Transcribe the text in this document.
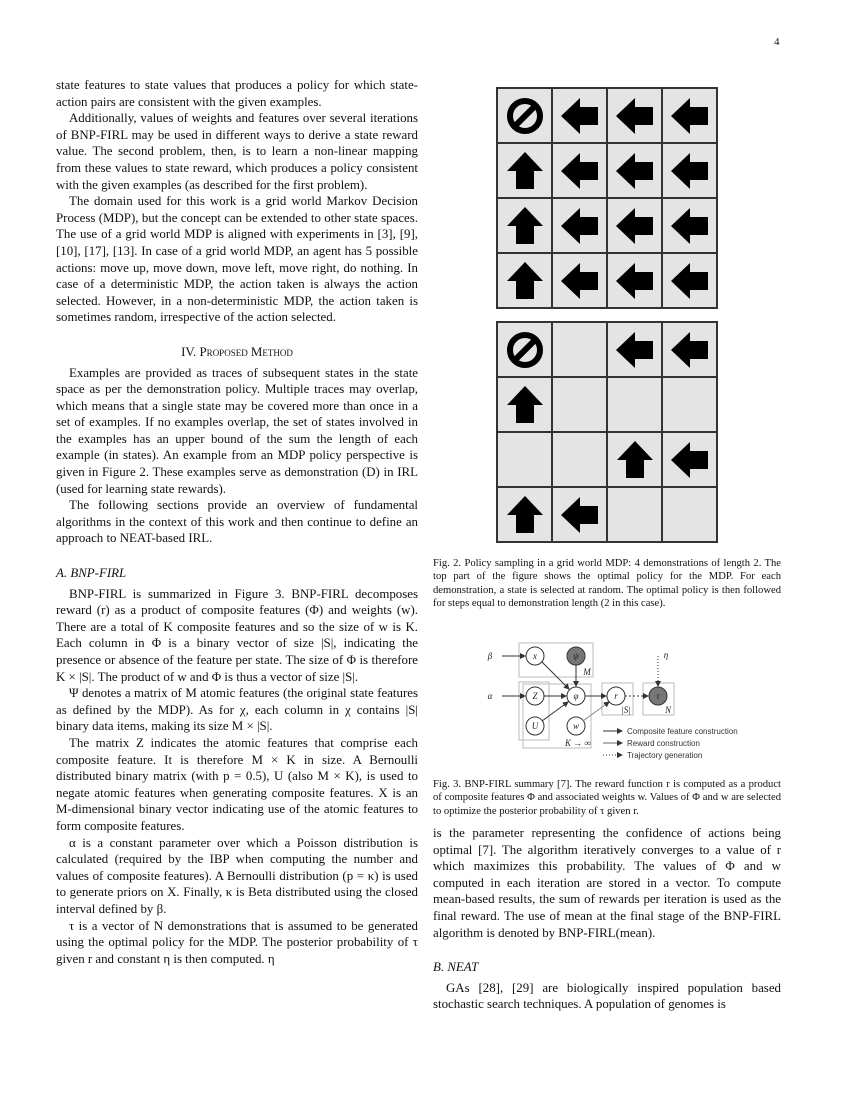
4

state features to state values that produces a policy for which state-action pairs are consistent with the given examples.

Additionally, values of weights and features over several iterations of BNP-FIRL may be used in different ways to derive a state reward value. The second problem, then, is to learn a non-linear mapping from these values to state reward, which produces a policy consistent with the given examples (as described for the first problem).

The domain used for this work is a grid world Markov Decision Process (MDP), but the concept can be extended to other state spaces. The use of a grid world MDP is aligned with experiments in [3], [9], [10], [17], [13]. In case of a grid world MDP, an agent has 5 possible actions: move up, move down, move left, move right, do nothing. In case of a deterministic MDP, the action taken is always the action selected. However, in a non-deterministic MDP, the action taken is sometimes random, irrespective of the action selected.

IV. Proposed Method

Examples are provided as traces of subsequent states in the state space as per the demonstration policy. Multiple traces may overlap, which means that a single state may be covered more than once in a set of examples. If no examples overlap, the set of states involved in the examples has an upper bound of the sum the length of each example (in states). An example from an MDP policy perspective is given in Figure 2. These examples serve as demonstration (D) in IRL (used for learning state rewards).

The following sections provide an overview of fundamental algorithms in the context of this work and then continue to define an approach to NEAT-based IRL.

A. BNP-FIRL

BNP-FIRL is summarized in Figure 3. BNP-FIRL decomposes reward (r) as a product of composite features (Φ) and weights (w). There are a total of K composite features and so the size of w is K. Each column in Φ is a binary vector of size |S|, indicating the presence or absence of the feature per state. The size of Φ is therefore K × |S|. The product of w and Φ is thus a vector of size |S|.

Ψ denotes a matrix of M atomic features (the original state features as defined by the MDP). As for χ, each column in χ contains |S| binary data items, making its size M × |S|.

The matrix Z indicates the atomic features that comprise each composite feature. It is therefore M × K in size. A Bernoulli distributed binary matrix (with p = 0.5), U (also M × K), is used to negate atomic features when generating composite features. X is an M-dimensional binary vector indicating use of the atomic features to form composite features.

α is a constant parameter over which a Poisson distribution is calculated (required by the IBP when computing the number and values of composite features). A Bernoulli distribution (p = κ) is used to generate priors on X. Finally, κ is Beta distributed using the closed interval defined by β.

τ is a vector of N demonstrations that is assumed to be generated using the optimal policy for the MDP. The posterior probability of τ given r and constant η is then computed. η

Fig. 2. Policy sampling in a grid world MDP: 4 demonstrations of length 2. The top part of the figure shows the optimal policy for the MDP. For each demonstration, a state is selected at random. The optimal policy is then followed for steps equal to demonstration length (2 in this case).
β
α
η
x	ψ
Z	φ
U	w
r	τ
M
K → ∞
|S|	N
Composite feature construction
Reward construction
Trajectory generation
Fig. 3. BNP-FIRL summary [7]. The reward function r is computed as a product of composite features Φ and associated weights w. Values of Φ and w are selected to optimize the posterior probability of τ given r.

is the parameter representing the confidence of actions being optimal [7]. The algorithm iteratively converges to a value of r which maximizes this probability. The values of Φ and w computed in each iteration are stored in a vector. To compute mean-based results, the sum of rewards per iteration is used as the final reward. The use of mean at the final stage of the BNP-FIRL algorithm is denoted by BNP-FIRL(mean).

B. NEAT

GAs [28], [29] are biologically inspired population based stochastic search techniques. A population of genomes is
